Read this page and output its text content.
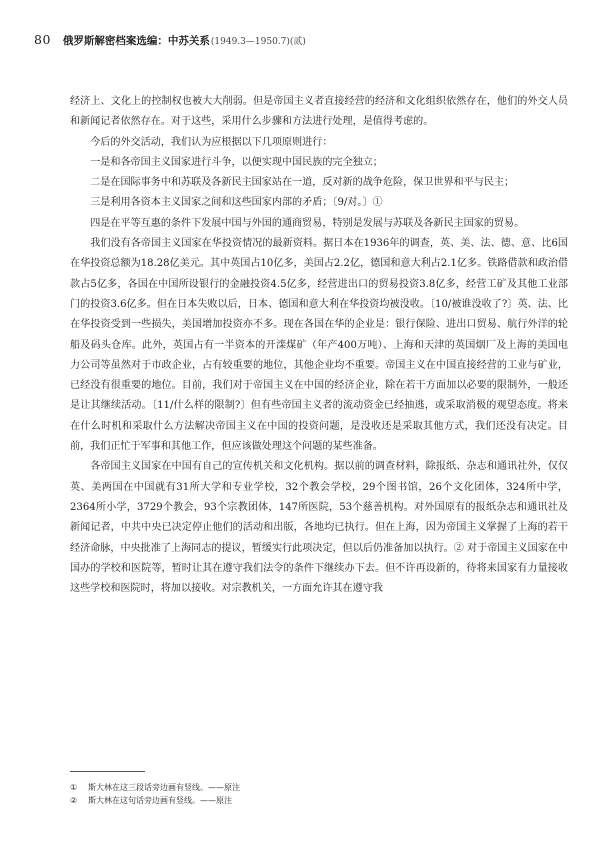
80 俄罗斯解密档案选编：中苏关系(1949.3—1950.7)(贰)

经济上、文化上的控制权也被大大削弱。但是帝国主义者直接经营的经济和文化组织依然存在，他们的外交人员和新闻记者依然存在。对于这些，采用什么步骤和方法进行处理，是值得考虑的。

今后的外交活动，我们认为应根据以下几项原则进行：

一是和各帝国主义国家进行斗争，以便实现中国民族的完全独立；

二是在国际事务中和苏联及各新民主国家站在一道，反对新的战争危险，保卫世界和平与民主；

三是利用各资本主义国家之间和这些国家内部的矛盾；〔9/对。〕①

四是在平等互惠的条件下发展中国与外国的通商贸易，特别是发展与苏联及各新民主国家的贸易。

我们没有各帝国主义国家在华投资情况的最新资料。据日本在1936年的调查，英、美、法、德、意、比6国在华投资总额为18.28亿美元。其中英国占10亿多，美国占2.2亿，德国和意大利占2.1亿多。铁路借款和政治借款占5亿多，各国在中国所设银行的金融投资4.5亿多，经营进出口的贸易投资3.8亿多，经营工矿及其他工业部门的投资3.6亿多。但在日本失败以后，日本、德国和意大利在华投资均被没收。〔10/被谁没收了?〕英、法、比在华投资受到一些损失，美国增加投资亦不多。现在各国在华的企业是：银行保险、进出口贸易、航行外洋的轮船及码头仓库。此外，英国占有一半资本的开滦煤矿（年产400万吨）、上海和天津的英国烟厂及上海的美国电力公司等虽然对于市政企业，占有较重要的地位，其他企业均不重要。帝国主义在中国直接经营的工业与矿业，已经没有很重要的地位。目前，我们对于帝国主义在中国的经济企业，除在若干方面加以必要的限制外，一般还是让其继续活动。〔11/什么样的限制?〕但有些帝国主义者的流动资金已经抽逃，或采取消极的观望态度。将来在什么时机和采取什么方法解决帝国主义在中国的投资问题，是没收还是采取其他方式，我们还没有决定。目前，我们正忙于军事和其他工作，但应该做处理这个问题的某些准备。

各帝国主义国家在中国有自己的宣传机关和文化机构。据以前的调查材料，除报纸、杂志和通讯社外，仅仅英、美两国在中国就有31所大学和专业学校，32个教会学校，29个图书馆，26个文化团体，324所中学，2364所小学，3729个教会，93个宗教团体，147所医院，53个慈善机构。对外国原有的报纸杂志和通讯社及新闻记者，中共中央已决定停止他们的活动和出版，各地均已执行。但在上海，因为帝国主义掌握了上海的若干经济命脉，中央批准了上海同志的提议，暂缓实行此项决定，但以后仍准备加以执行。② 对于帝国主义国家在中国办的学校和医院等，暂时让其在遵守我们法令的条件下继续办下去。但不许再设新的，待将来国家有力量接收这些学校和医院时，将加以接收。对宗教机关，一方面允许其在遵守我

① 斯大林在这三段话旁边画有竖线。——原注
② 斯大林在这句话旁边画有竖线。——原注
